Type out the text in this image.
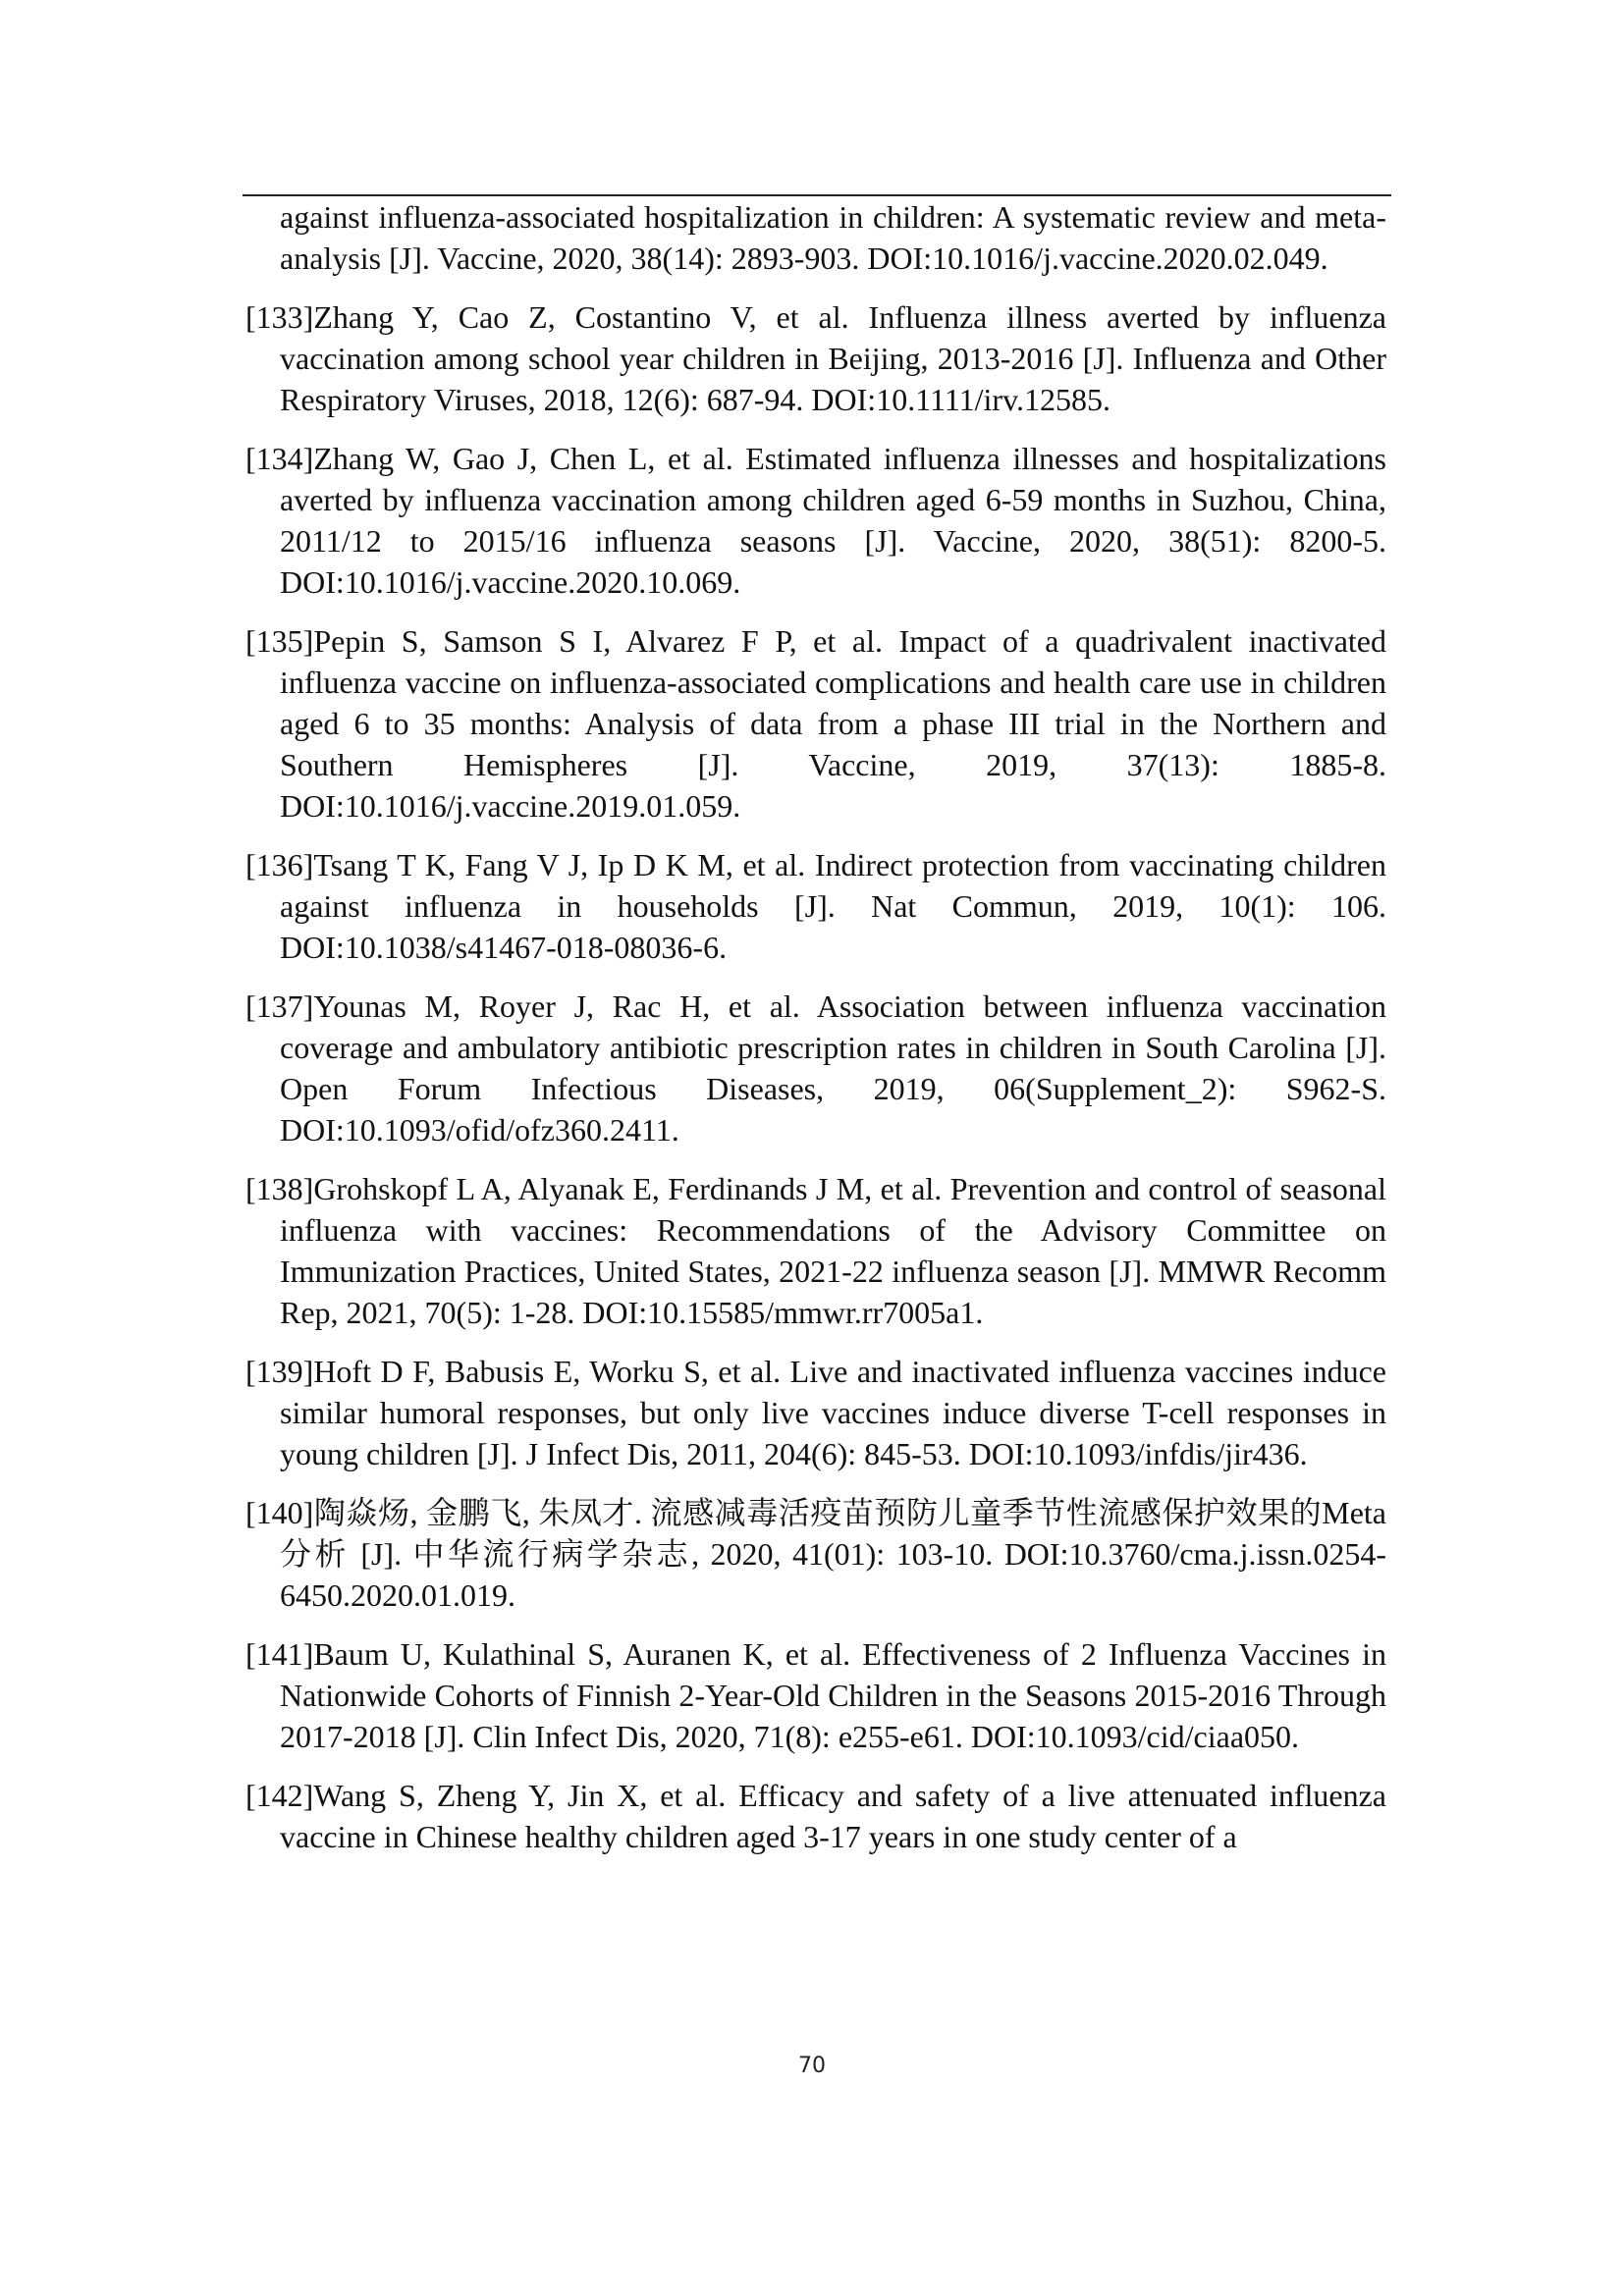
against influenza-associated hospitalization in children: A systematic review and meta-analysis [J]. Vaccine, 2020, 38(14): 2893-903. DOI:10.1016/j.vaccine.2020.02.049.

[133]Zhang Y, Cao Z, Costantino V, et al. Influenza illness averted by influenza vaccination among school year children in Beijing, 2013-2016 [J]. Influenza and Other Respiratory Viruses, 2018, 12(6): 687-94. DOI:10.1111/irv.12585.

[134]Zhang W, Gao J, Chen L, et al. Estimated influenza illnesses and hospitalizations averted by influenza vaccination among children aged 6-59 months in Suzhou, China, 2011/12 to 2015/16 influenza seasons [J]. Vaccine, 2020, 38(51): 8200-5. DOI:10.1016/j.vaccine.2020.10.069.

[135]Pepin S, Samson S I, Alvarez F P, et al. Impact of a quadrivalent inactivated influenza vaccine on influenza-associated complications and health care use in children aged 6 to 35 months: Analysis of data from a phase III trial in the Northern and Southern Hemispheres [J]. Vaccine, 2019, 37(13): 1885-8. DOI:10.1016/j.vaccine.2019.01.059.

[136]Tsang T K, Fang V J, Ip D K M, et al. Indirect protection from vaccinating children against influenza in households [J]. Nat Commun, 2019, 10(1): 106. DOI:10.1038/s41467-018-08036-6.

[137]Younas M, Royer J, Rac H, et al. Association between influenza vaccination coverage and ambulatory antibiotic prescription rates in children in South Carolina [J]. Open Forum Infectious Diseases, 2019, 06(Supplement_2): S962-S. DOI:10.1093/ofid/ofz360.2411.

[138]Grohskopf L A, Alyanak E, Ferdinands J M, et al. Prevention and control of seasonal influenza with vaccines: Recommendations of the Advisory Committee on Immunization Practices, United States, 2021-22 influenza season [J]. MMWR Recomm Rep, 2021, 70(5): 1-28. DOI:10.15585/mmwr.rr7005a1.

[139]Hoft D F, Babusis E, Worku S, et al. Live and inactivated influenza vaccines induce similar humoral responses, but only live vaccines induce diverse T-cell responses in young children [J]. J Infect Dis, 2011, 204(6): 845-53. DOI:10.1093/infdis/jir436.

[140]陶焱炀, 金鹏飞, 朱凤才. 流感减毒活疫苗预防儿童季节性流感保护效果的Meta分析 [J]. 中华流行病学杂志, 2020, 41(01): 103-10. DOI:10.3760/cma.j.issn.0254-6450.2020.01.019.

[141]Baum U, Kulathinal S, Auranen K, et al. Effectiveness of 2 Influenza Vaccines in Nationwide Cohorts of Finnish 2-Year-Old Children in the Seasons 2015-2016 Through 2017-2018 [J]. Clin Infect Dis, 2020, 71(8): e255-e61. DOI:10.1093/cid/ciaa050.

[142]Wang S, Zheng Y, Jin X, et al. Efficacy and safety of a live attenuated influenza vaccine in Chinese healthy children aged 3-17 years in one study center of a

70
